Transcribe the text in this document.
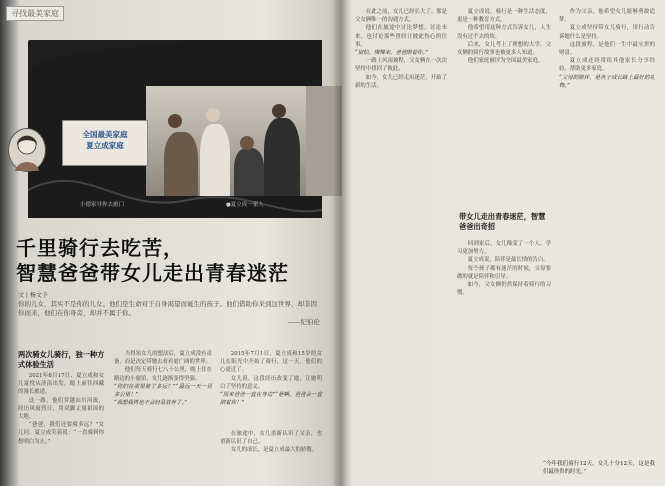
寻找最美家庭
全国最美家庭
夏立成家庭
小德家导你去旅门	●夏立成一家人
千里骑行去吃苦，
智慧爸爸带女儿走出青春迷茫
文 | 杨文予
你的儿女，其实不是你的儿女。他们是生命对于自身渴望而诞生的孩子。他们借助你来到这世界，却非因你而来，他们在你身旁，却并不属于你。
——纪伯伦
两次骑女儿骑行，独一种方式体验生活

2021年8月17日，夏立成和女儿夏悦从济南出发，踏上前往西藏的漫长旅途。

这一路，他们穿越山川河流，经历风雨烈日，用双脚丈量祖国的大地。

“爸爸，我们还要骑多远？”女儿问。夏立成笑着说：“一直骑到你想明白为止。”

当得知女儿的想法后，夏立成没有责备，而是决定带她去看看更广阔的世界。

他们每天骑行七八十公里，晚上住在路边的小旅馆，女儿逐渐变得坚强。

“你们在那里骑了多远？”“最远一天一百多公里！”

“我想我再也不会轻易放弃了。”

2015年7月1日，夏立成和15岁的女儿在阳光中开始了骑行，这一天，他们的心更近了。

女儿说，这段经历改变了她，让她明白了坚持的意义。

“原来爸爸一直在身边”“是啊，爸爸会一直陪着你！”

在旅途中，女儿重新认识了父亲，也重新认识了自己。

女儿的成长，是夏立成最大的骄傲。

在此之前，女儿已经长大了。那是父女俩唯一的沟通方式。

他们在旅途中讨论梦想，讨论未来，也讨论那些曾经让彼此伤心的往事。

“别怕，慢慢来，爸爸陪着你。”

一路上风雨兼程，父女俩在一次次坚持中找回了彼此。

如今，女儿已经走出迷茫，开始了新的生活。

夏立成说，骑行是一种生活态度，更是一种教育方式。

他希望用这种方式告诉女儿，人生没有过不去的坎。

后来，女儿考上了理想的大学，父女俩的骑行故事也被更多人知道。

他们家庭被评为全国最美家庭。

带女儿走出青春迷茫，智慧爸爸出奇招

回到家后，女儿像变了一个人，学习更加努力。

夏立成说，陪伴是最长情的告白。

每个孩子都有迷茫的时候，父母要做的就是陪伴和引导。

如今，父女俩仍然保持着骑行的习惯。

作为父亲，他希望女儿能够勇敢追梦。

夏立成坚持带女儿骑行，用行动告诉她什么是坚持。

这段旅程，是他们一生中最宝贵的财富。

夏立成还经常给其他家长分享经验，帮助更多家庭。

“父母的陪伴，是孩子成长路上最好的礼物。”

“今年我们骑行12天，女儿十分12天，这是我们最珍贵的时光。”
